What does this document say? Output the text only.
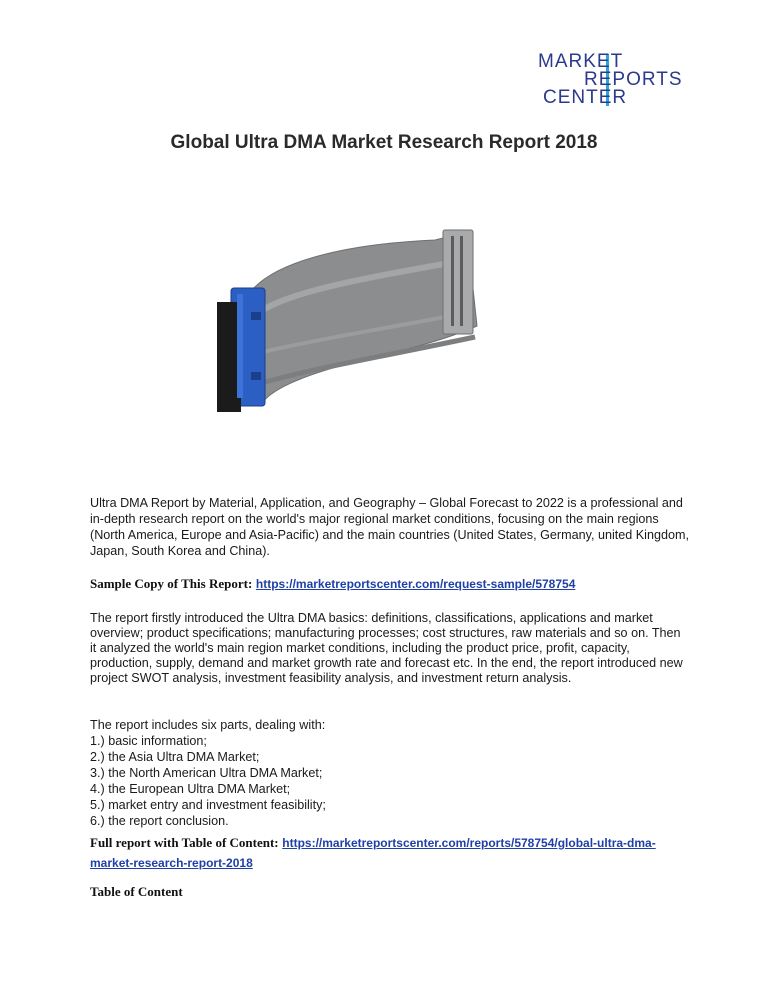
MARKET
REPORTS
CENTER
Global Ultra DMA Market Research Report 2018

Ultra DMA Report by Material, Application, and Geography – Global Forecast to 2022 is a professional and in-depth research report on the world's major regional market conditions, focusing on the main regions (North America, Europe and Asia-Pacific) and the main countries (United States, Germany, united Kingdom, Japan, South Korea and China).

Sample Copy of This Report: https://marketreportscenter.com/request-sample/578754

The report firstly introduced the Ultra DMA basics: definitions, classifications, applications and market overview; product specifications; manufacturing processes; cost structures, raw materials and so on. Then it analyzed the world's main region market conditions, including the product price, profit, capacity, production, supply, demand and market growth rate and forecast etc. In the end, the report introduced new project SWOT analysis, investment feasibility analysis, and investment return analysis.

The report includes six parts, dealing with:
1.) basic information;
2.) the Asia Ultra DMA Market;
3.) the North American Ultra DMA Market;
4.) the European Ultra DMA Market;
5.) market entry and investment feasibility;
6.) the report conclusion.
Full report with Table of Content: https://marketreportscenter.com/reports/578754/global-ultra-dma-market-research-report-2018
Table of Content
